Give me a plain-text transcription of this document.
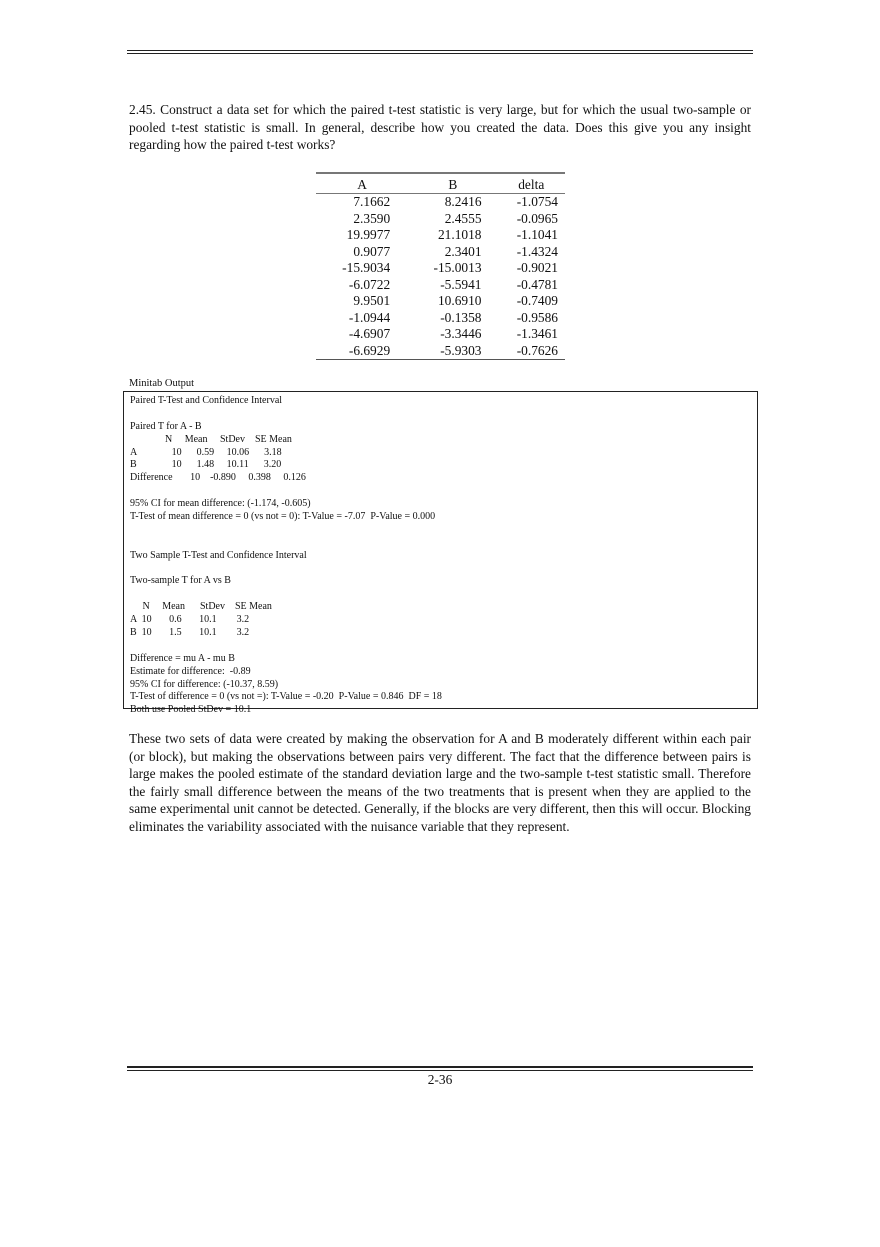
2.45. Construct a data set for which the paired t-test statistic is very large, but for which the usual two-sample or pooled t-test statistic is small. In general, describe how you created the data. Does this give you any insight regarding how the paired t-test works?

A	B	delta
7.1662	8.2416	-1.0754
2.3590	2.4555	-0.0965
19.9977	21.1018	-1.1041
0.9077	2.3401	-1.4324
-15.9034	-15.0013	-0.9021
-6.0722	-5.5941	-0.4781
9.9501	10.6910	-0.7409
-1.0944	-0.1358	-0.9586
-4.6907	-3.3446	-1.3461
-6.6929	-5.9303	-0.7626
Minitab Output
Paired T-Test and Confidence Interval
Paired T for A - B
N     Mean     StDev    SE Mean
A              10      0.59     10.06      3.18
B              10      1.48     10.11      3.20
Difference       10    -0.890     0.398     0.126
95% CI for mean difference: (-1.174, -0.605)
T-Test of mean difference = 0 (vs not = 0): T-Value = -7.07  P-Value = 0.000
Two Sample T-Test and Confidence Interval
Two-sample T for A vs B
N     Mean      StDev    SE Mean
A  10       0.6       10.1        3.2
B  10       1.5       10.1        3.2
Difference = mu A - mu B
Estimate for difference:  -0.89
95% CI for difference: (-10.37, 8.59)
T-Test of difference = 0 (vs not =): T-Value = -0.20  P-Value = 0.846  DF = 18
Both use Pooled StDev = 10.1

These two sets of data were created by making the observation for A and B moderately different within each pair (or block), but making the observations between pairs very different. The fact that the difference between pairs is large makes the pooled estimate of the standard deviation large and the two-sample t-test statistic small. Therefore the fairly small difference between the means of the two treatments that is present when they are applied to the same experimental unit cannot be detected. Generally, if the blocks are very different, then this will occur. Blocking eliminates the variability associated with the nuisance variable that they represent.

2-36
